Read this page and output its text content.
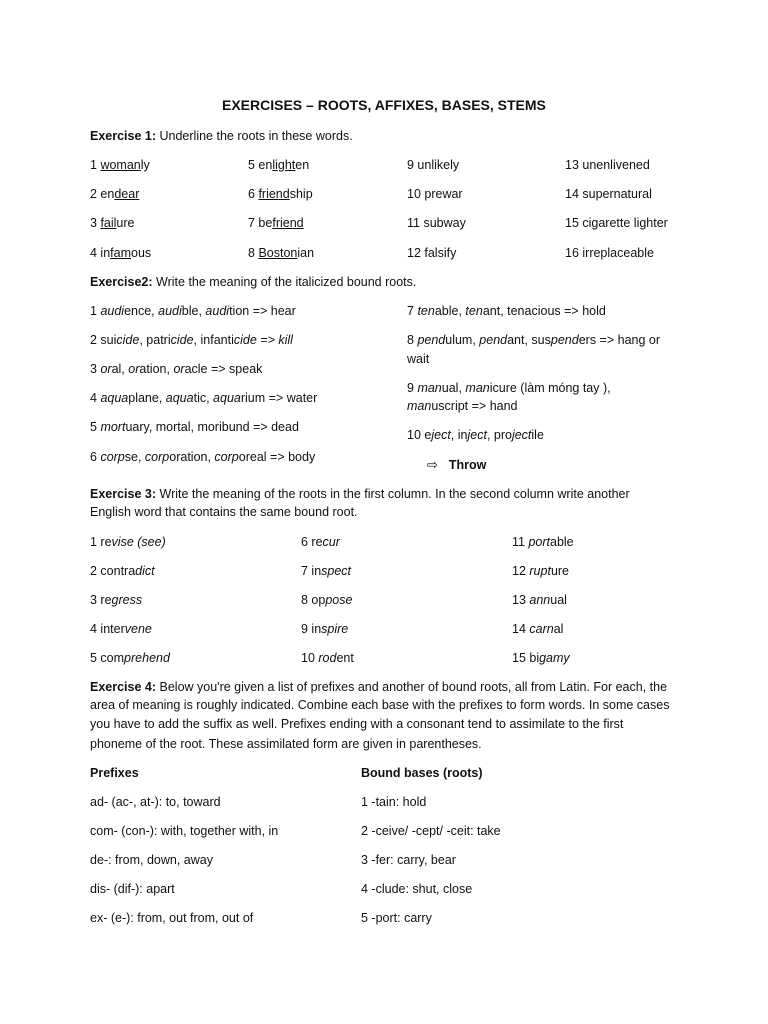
EXERCISES – ROOTS, AFFIXES, BASES, STEMS
Exercise 1: Underline the roots in these words.
1 womanly
2 endear
3 failure
4 infamous
5 enlighten
6 friendship
7 befriend
8 Bostonian
9 unlikely
10 prewar
11 subway
12 falsify
13 unenlivened
14 supernatural
15 cigarette lighter
16 irreplaceable
Exercise2: Write the meaning of the italicized bound roots.
1 audience, audible, audition => hear
2 suicide, patricide, infanticide => kill
3 oral, oration, oracle => speak
4 aquaplane, aquatic, aquarium => water
5 mortuary, mortal, moribund => dead
6 corpse, corporation, corporeal => body
7 tenable, tenant, tenacious => hold
8 pendulum, pendant, suspenders => hang or
wait
9 manual, manicure (làm móng tay ),
manuscript => hand
10 eject, inject, projectile
⇨ Throw
Exercise 3: Write the meaning of the roots in the first column. In the second column write another
English word that contains the same bound root.
1 revise (see)
2 contradict
3 regress
4 intervene
5 comprehend
6 recur
7 inspect
8 oppose
9 inspire
10 rodent
11 portable
12 rupture
13 annual
14 carnal
15 bigamy
Exercise 4: Below you're given a list of prefixes and another of bound roots, all from Latin. For each, the
area of meaning is roughly indicated. Combine each base with the prefixes to form words. In some cases
you have to add the suffix as well. Prefixes ending with a consonant tend to assimilate to the first
phoneme of the root. These assimilated form are given in parentheses.
Prefixes	Bound bases (roots)
ad- (ac-, at-): to, toward
com- (con-): with, together with, in
de-: from, down, away
dis- (dif-): apart
ex- (e-): from, out from, out of
1 -tain: hold
2 -ceive/ -cept/ -ceit: take
3 -fer: carry, bear
4 -clude: shut, close
5 -port: carry
